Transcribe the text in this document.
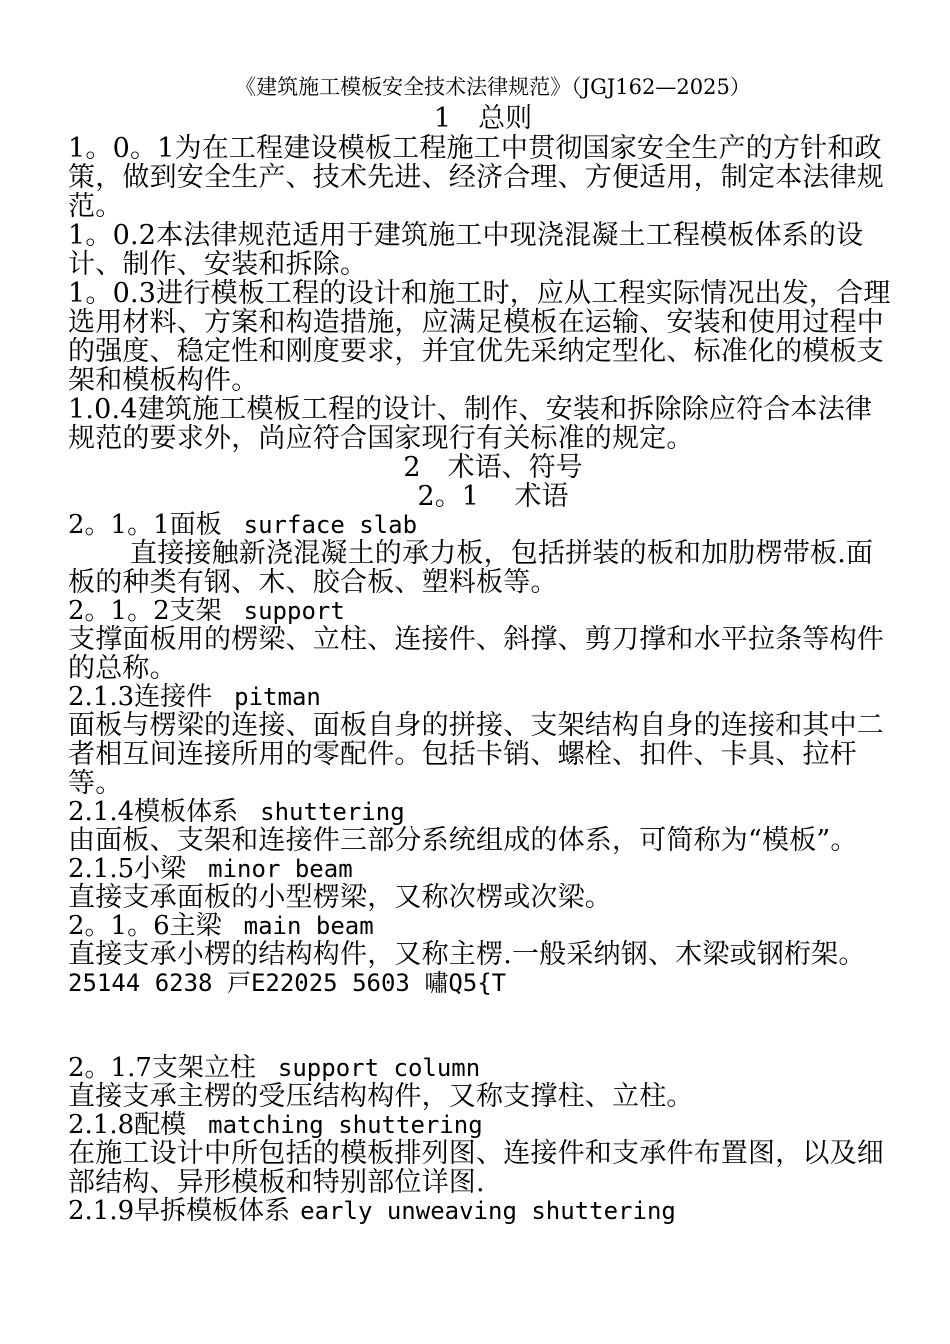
《建筑施工模板安全技术法律规范》（JGJ162—2025）
1　总则

1。0。1为在工程建设模板工程施工中贯彻国家安全生产的方针和政策，做到安全生产、技术先进、经济合理、方便适用，制定本法律规范。

1。0.2本法律规范适用于建筑施工中现浇混凝土工程模板体系的设计、制作、安装和拆除。

1。0.3进行模板工程的设计和施工时，应从工程实际情况出发，合理选用材料、方案和构造措施，应满足模板在运输、安装和使用过程中的强度、稳定性和刚度要求，并宜优先采纳定型化、标准化的模板支架和模板构件。

1.0.4建筑施工模板工程的设计、制作、安装和拆除除应符合本法律规范的要求外，尚应符合国家现行有关标准的规定。

2　术语、符号
2。1　 术语

2。1。1面板 surface slab

直接接触新浇混凝土的承力板，包括拼装的板和加肋楞带板.面板的种类有钢、木、胶合板、塑料板等。

2。1。2支架 support

支撑面板用的楞梁、立柱、连接件、斜撑、剪刀撑和水平拉条等构件的总称。

2.1.3连接件 pitman

面板与楞梁的连接、面板自身的拼接、支架结构自身的连接和其中二者相互间连接所用的零配件。包括卡销、螺栓、扣件、卡具、拉杆等。

2.1.4模板体系 shuttering

由面板、支架和连接件三部分系统组成的体系，可简称为“模板”。

2.1.5小梁 minor beam

直接支承面板的小型楞梁，又称次楞或次梁。

2。1。6主梁 main beam

直接支承小楞的结构构件，又称主楞.一般采纳钢、木梁或钢桁架。

25144 6238 戸E22025 5603 嘯Q5{T

2。1.7支架立柱 support column

直接支承主楞的受压结构构件，又称支撑柱、立柱。

2.1.8配模 matching shuttering

在施工设计中所包括的模板排列图、连接件和支承件布置图，以及细部结构、异形模板和特别部位详图.

2.1.9早拆模板体系 early unweaving shuttering
